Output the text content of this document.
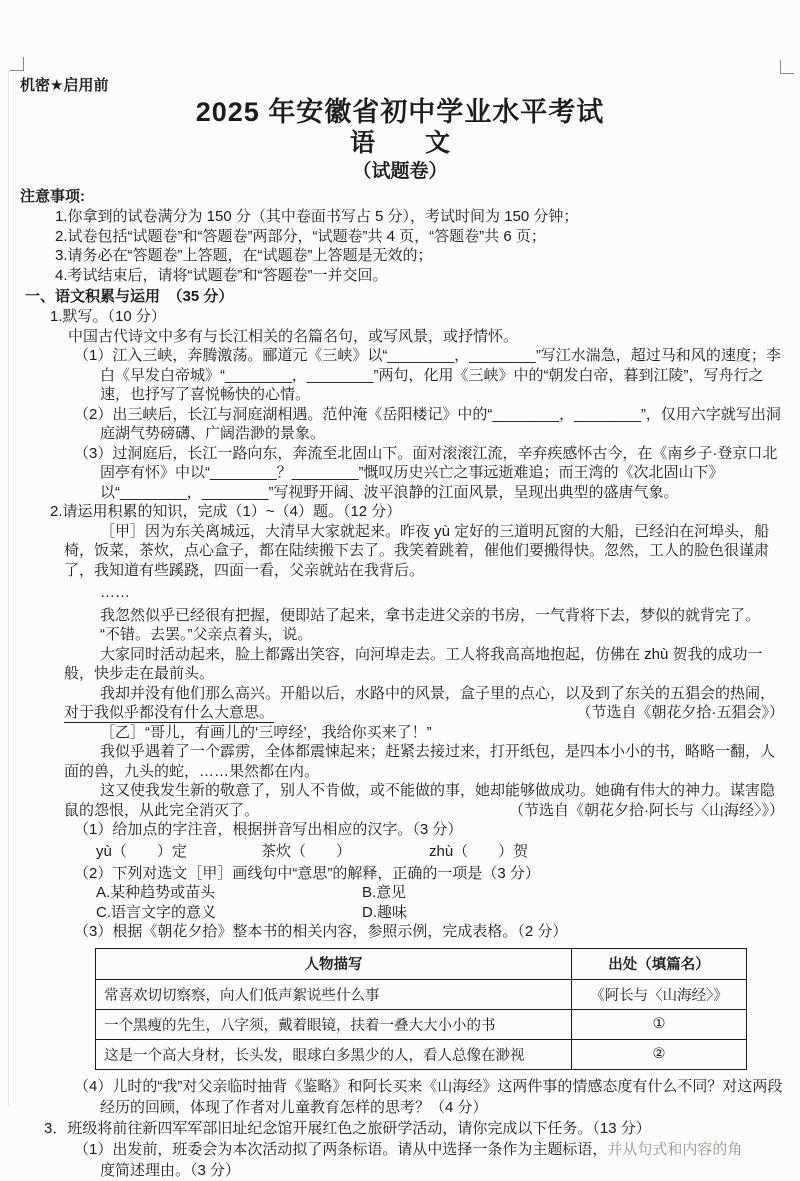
机密★启用前
2025 年安徽省初中学业水平考试
语　　文
（试题卷）
注意事项:

1.你拿到的试卷满分为 150 分（其中卷面书写占 5 分），考试时间为 150 分钟；

2.试卷包括“试题卷”和“答题卷”两部分，“试题卷”共 4 页，“答题卷”共 6 页；

3.请务必在“答题卷”上答题，在“试题卷”上答题是无效的；

4.考试结束后，请将“试题卷”和“答题卷”一并交回。

一、语文积累与运用　（35 分）

1.默写。（10 分）

中国古代诗文中多有与长江相关的名篇名句，或写风景，或抒情怀。

（1）江入三峡，奔腾激荡。郦道元《三峡》以“________，________”写江水湍急，超过马和风的速度；李白《早发白帝城》“________，________”两句，化用《三峡》中的“朝发白帝，暮到江陵”，写舟行之速，也抒写了喜悦畅快的心情。

（2）出三峡后，长江与洞庭湖相遇。范仲淹《岳阳楼记》中的“________，________”，仅用六字就写出洞庭湖气势磅礴、广阔浩渺的景象。

（3）过洞庭后，长江一路向东，奔流至北固山下。面对滚滚江流，辛弃疾感怀古今，在《南乡子·登京口北固亭有怀》中以“________？________”慨叹历史兴亡之事远逝难追；而王湾的《次北固山下》以“________，________”写视野开阔、波平浪静的江面风景，呈现出典型的盛唐气象。

2.请运用积累的知识，完成（1）~（4）题。（12 分）

［甲］因为东关离城远，大清早大家就起来。昨夜 yù 定好的三道明瓦窗的大船，已经泊在河埠头，船椅，饭菜，茶炊，点心盒子，都在陆续搬下去了。我笑着跳着，催他们要搬得快。忽然，工人的脸色很谨肃了，我知道有些蹊跷，四面一看，父亲就站在我背后。

……

我忽然似乎已经很有把握，便即站了起来，拿书走进父亲的书房，一气背将下去，梦似的就背完了。

“不错。去罢。”父亲点着头，说。

大家同时活动起来，脸上都露出笑容，向河埠走去。工人将我高高地抱起，仿佛在 zhù 贺我的成功一般，快步走在最前头。

我却并没有他们那么高兴。开船以后，水路中的风景，盒子里的点心，以及到了东关的五猖会的热闹，对于我似乎都没有什么大意思。	（节选自《朝花夕拾·五猖会》）

［乙］“哥儿，有画儿的‘三哼经’，我给你买来了！”

我似乎遇着了一个霹雳，全体都震悚起来；赶紧去接过来，打开纸包，是四本小小的书，略略一翻，人面的兽，九头的蛇，……果然都在内。

这又使我发生新的敬意了，别人不肯做，或不能做的事，她却能够做成功。她确有伟大的神力。谋害隐鼠的怨恨，从此完全消灭了。	（节选自《朝花夕拾·阿长与〈山海经〉》）

（1）给加点的字注音，根据拼音写出相应的汉字。（3 分）

yù（　　）定	茶炊（　　）	zhù（　　）贺

（2）下列对选文［甲］画线句中“意思”的解释，正确的一项是（3 分）

A.某种趋势或苗头	B.意见
C.语言文字的意义	D.趣味

（3）根据《朝花夕拾》整本书的相关内容，参照示例，完成表格。（2 分）

人物描写	出处（填篇名）
常喜欢切切察察，向人们低声絮说些什么事	《阿长与〈山海经〉》
一个黑瘦的先生，八字须，戴着眼镜，扶着一叠大大小小的书	①
这是一个高大身材，长头发，眼球白多黑少的人，看人总像在渺视	②

（4）儿时的“我”对父亲临时抽背《鉴略》和阿长买来《山海经》这两件事的情感态度有什么不同？对这两段经历的回顾，体现了作者对儿童教育怎样的思考？（4 分）

3．班级将前往新四军军部旧址纪念馆开展红色之旅研学活动，请你完成以下任务。（13 分）

（1）出发前，班委会为本次活动拟了两条标语。请从中选择一条作为主题标语，并从句式和内容的角

度简述理由。（3 分）
